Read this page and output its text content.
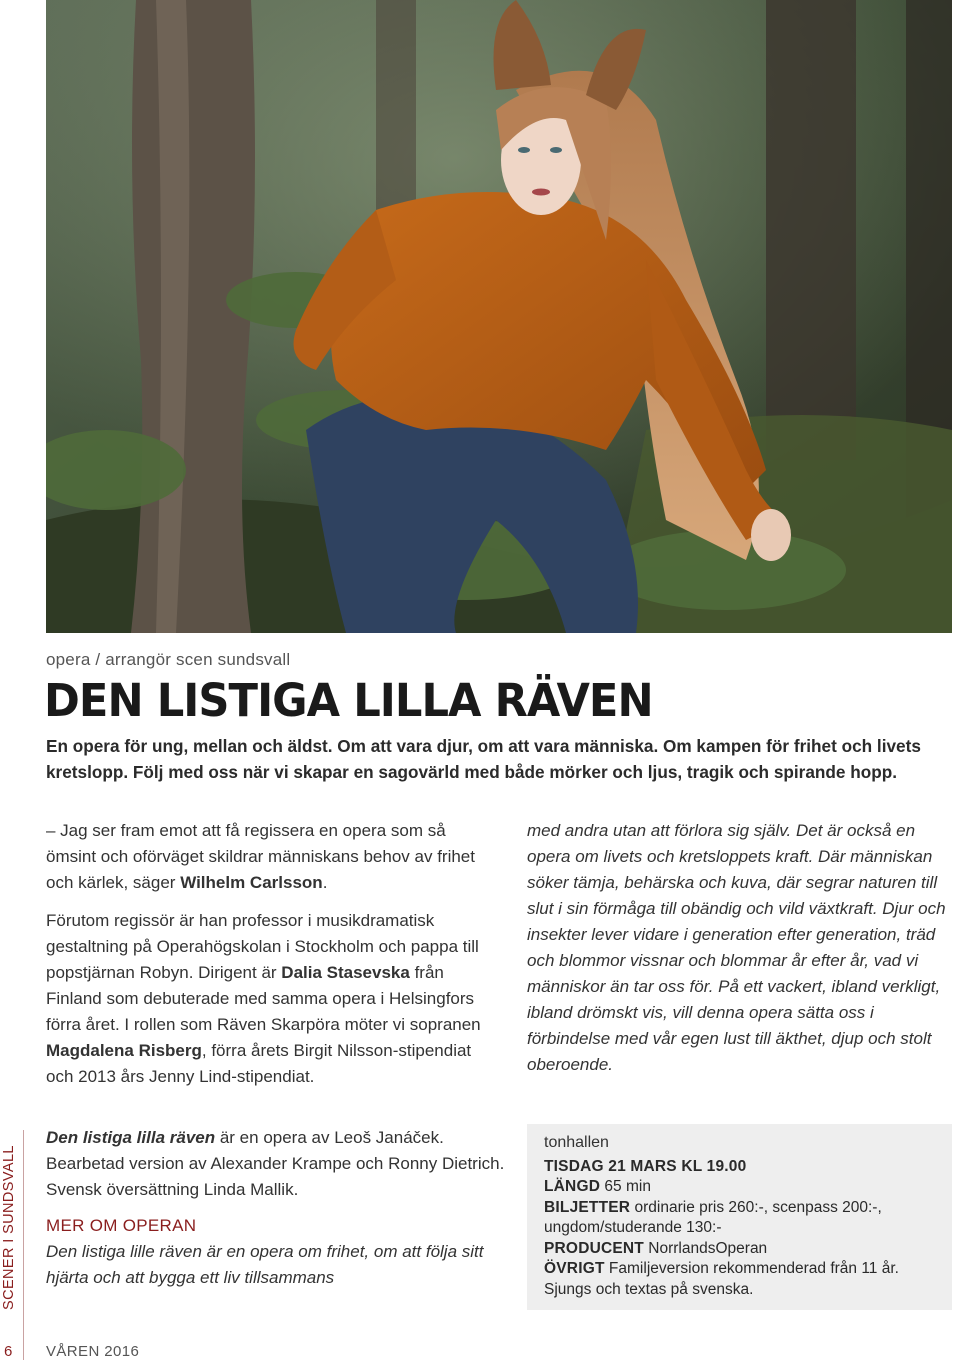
opera / arrangör scen sundsvall
DEN LISTIGA LILLA RÄVEN

En opera för ung, mellan och äldst. Om att vara djur, om att vara människa. Om kampen för frihet och livets kretslopp. Följ med oss när vi skapar en sagovärld med både mörker och ljus, tragik och spirande hopp.

– Jag ser fram emot att få regissera en opera som så ömsint och oförväget skildrar människans behov av frihet och kärlek, säger Wilhelm Carlsson.

Förutom regissör är han professor i musikdramatisk gestaltning på Operahögskolan i Stockholm och pappa till popstjärnan Robyn. Dirigent är Dalia Stasevska från Finland som debuterade med samma opera i Helsingfors förra året. I rollen som Räven Skarpöra möter vi sopranen Magdalena Risberg, förra årets Birgit Nilsson-stipendiat och 2013 års Jenny Lind-stipendiat.

med andra utan att förlora sig själv. Det är också en opera om livets och kretsloppets kraft. Där människan söker tämja, behärska och kuva, där segrar naturen till slut i sin förmåga till obändig och vild växtkraft. Djur och insekter lever vidare i generation efter generation, träd och blommor vissnar och blommar år efter år, vad vi människor än tar oss för. På ett vackert, ibland verkligt, ibland drömskt vis, vill denna opera sätta oss i förbindelse med vår egen lust till äkthet, djup och stolt oberoende.

Den listiga lilla räven är en opera av Leoš Janáček. Bearbetad version av Alexander Krampe och Ronny Dietrich. Svensk översättning Linda Mallik.

MER OM OPERAN

Den listiga lille räven är en opera om frihet, om att följa sitt hjärta och att bygga ett liv tillsammans

tonhallen

TISDAG 21 MARS KL 19.00

LÄNGD 65 min

BILJETTER ordinarie pris 260:-, scenpass 200:-, ungdom/studerande 130:-

PRODUCENT NorrlandsOperan

ÖVRIGT Familjeversion rekommenderad från 11 år. Sjungs och textas på svenska.

SCENER I SUNDSVALL
6 VÅREN 2016
